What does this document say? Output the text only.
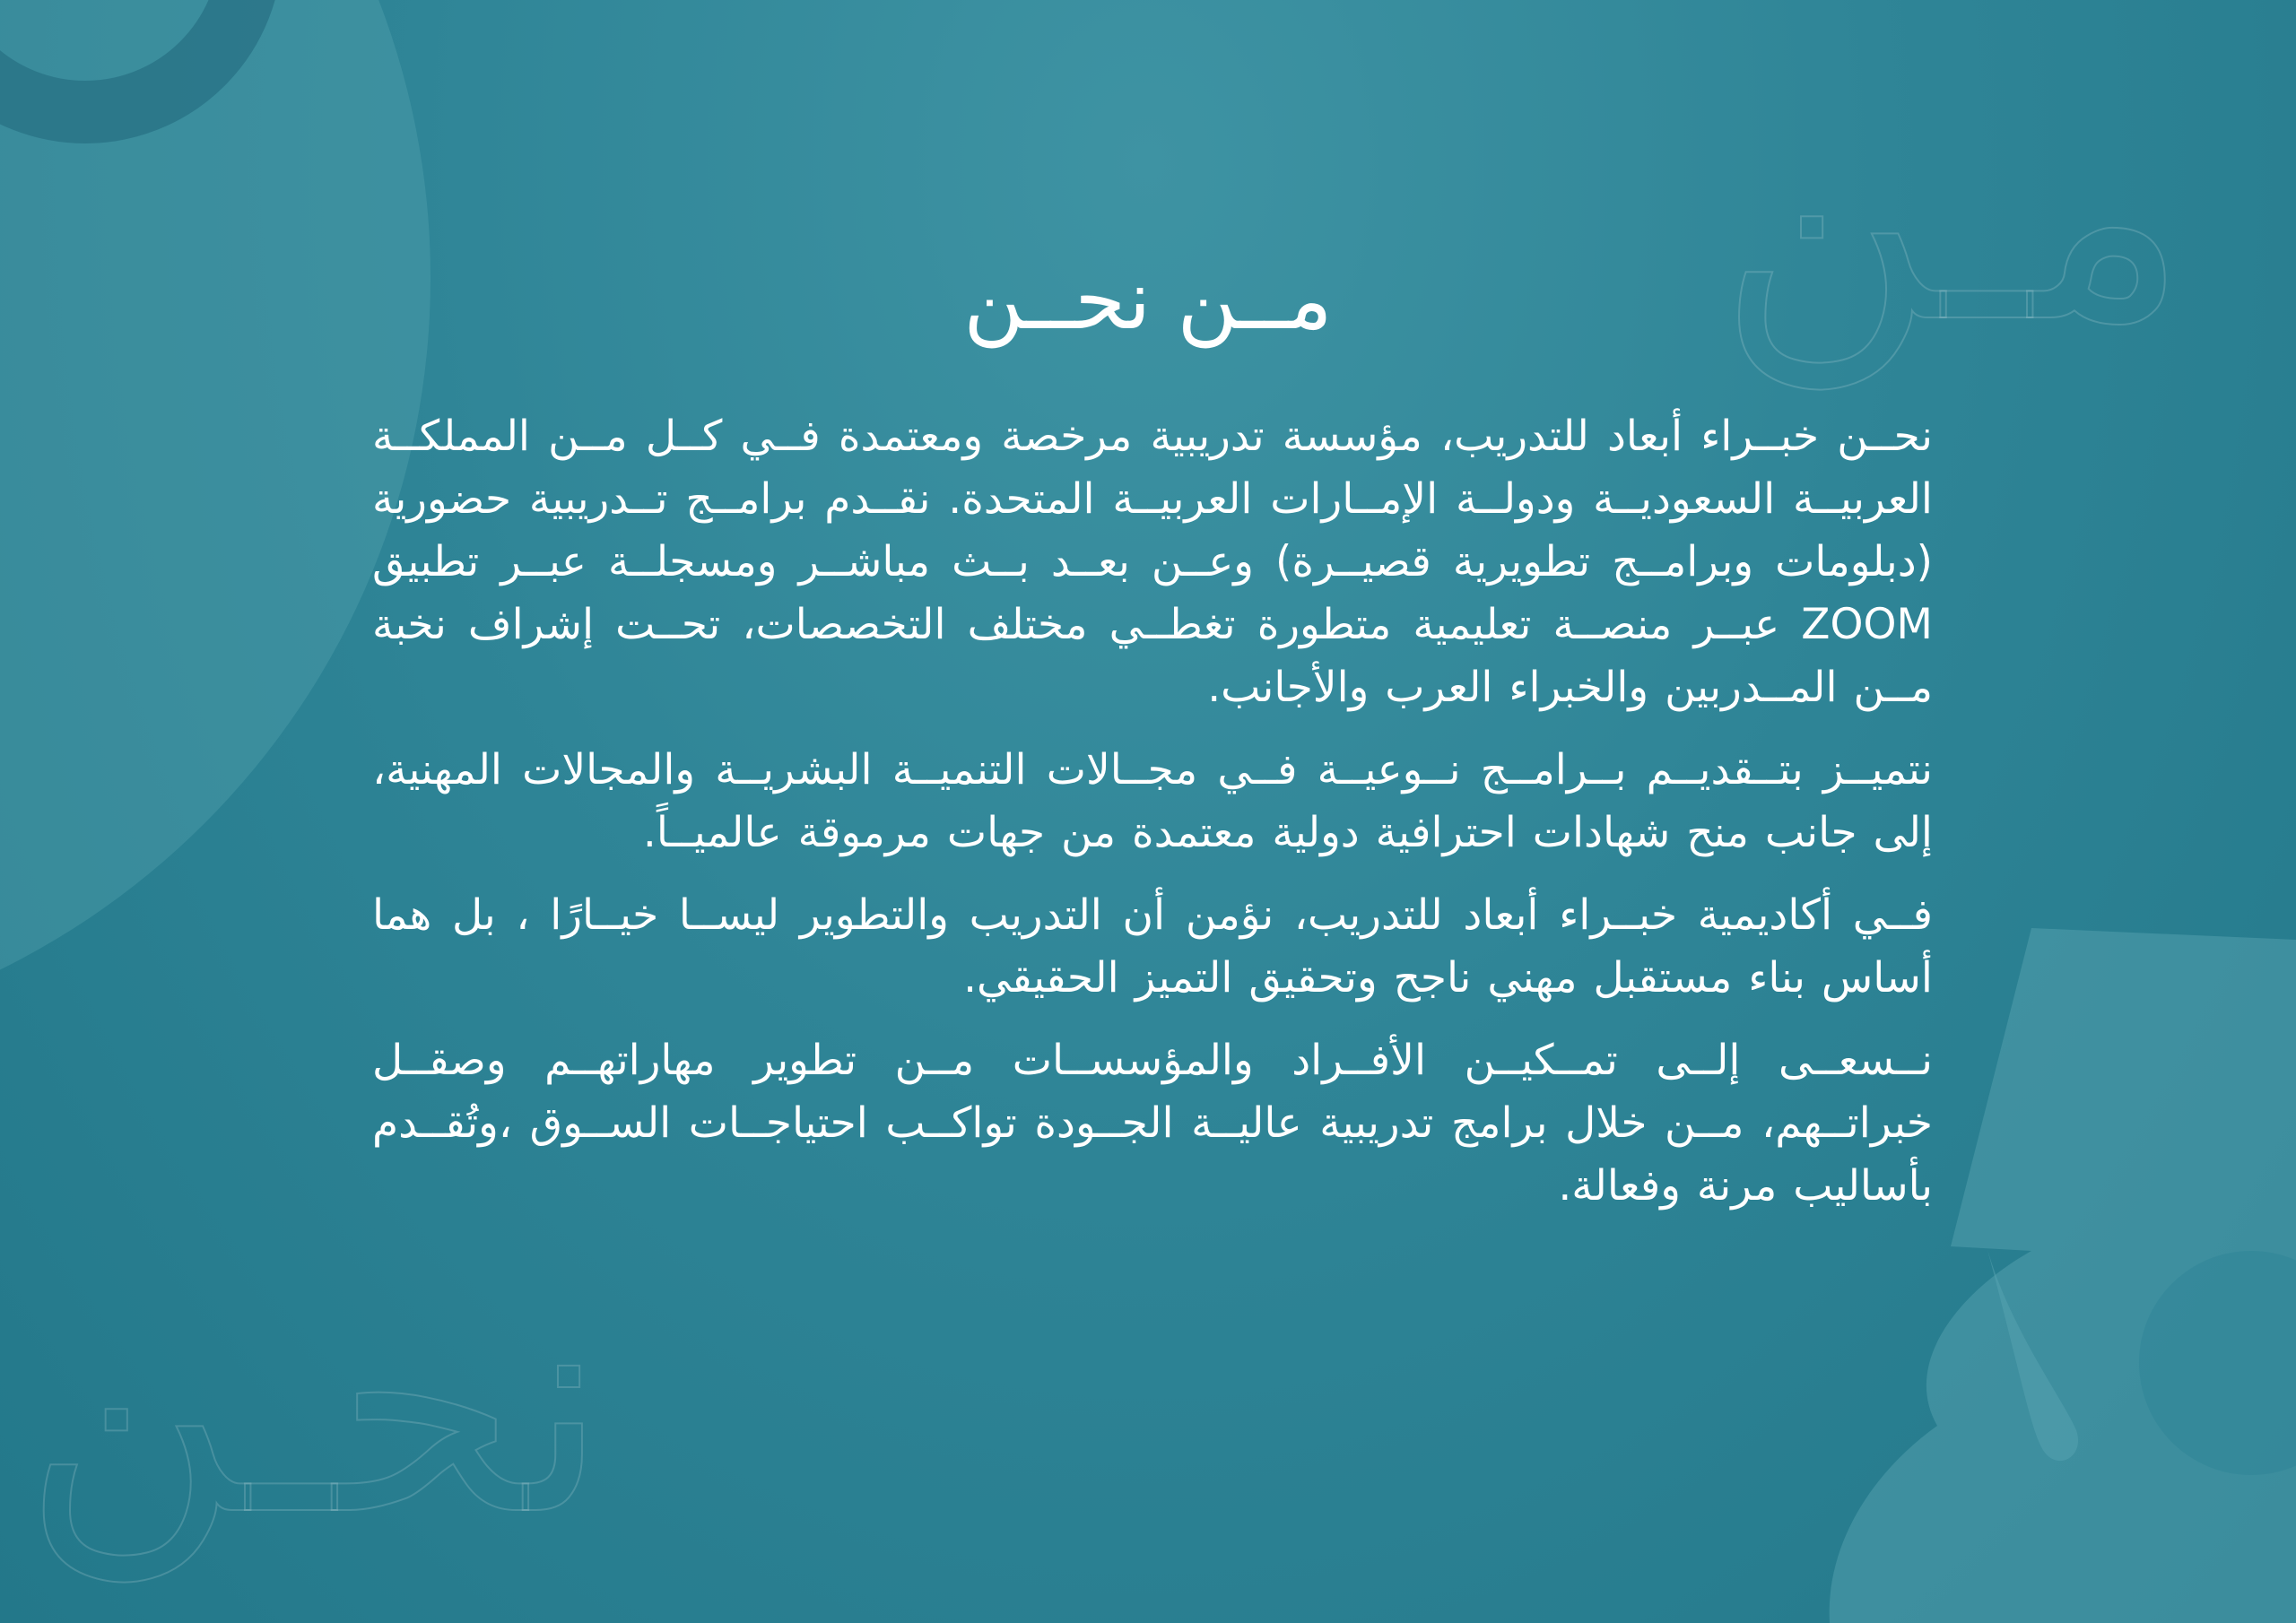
مـن
نحـن
مــن نحــن

نحــن خبــراء أبعاد للتدريب، مؤسسة تدريبية مرخصة ومعتمدة فــي كــل مــن المملكــة العربيــة السعوديــة ودولــة الإمــارات العربيــة المتحدة. نقــدم برامــج تــدريبية حضورية (دبلومات وبرامــج تطويرية قصيــرة) وعــن بعــد بــث مباشــر ومسجلــة عبــر تطبيق ZOOM عبــر منصــة تعليمية متطورة تغطــي مختلف التخصصات، تحــت إشراف نخبة مــن المــدربين والخبراء العرب والأجانب.

نتميــز بتــقديــم بــرامــج نــوعيــة فــي مجــالات التنميــة البشريــة والمجالات المهنية، إلى جانب منح شهادات احترافية دولية معتمدة من جهات مرموقة عالميــاً.

فــي أكاديمية خبــراء أبعاد للتدريب، نؤمن أن التدريب والتطوير ليســا خيــارًا ، بل هما أساس بناء مستقبل مهني ناجح وتحقيق التميز الحقيقي.

نــسعــى إلــى تمــكيــن الأفــراد والمؤسســات مــن تطوير مهاراتهــم وصقــل خبراتــهم، مــن خلال برامج تدريبية عاليــة الجــودة تواكــب احتياجــات الســوق ،وتُقــدم بأساليب مرنة وفعالة.
